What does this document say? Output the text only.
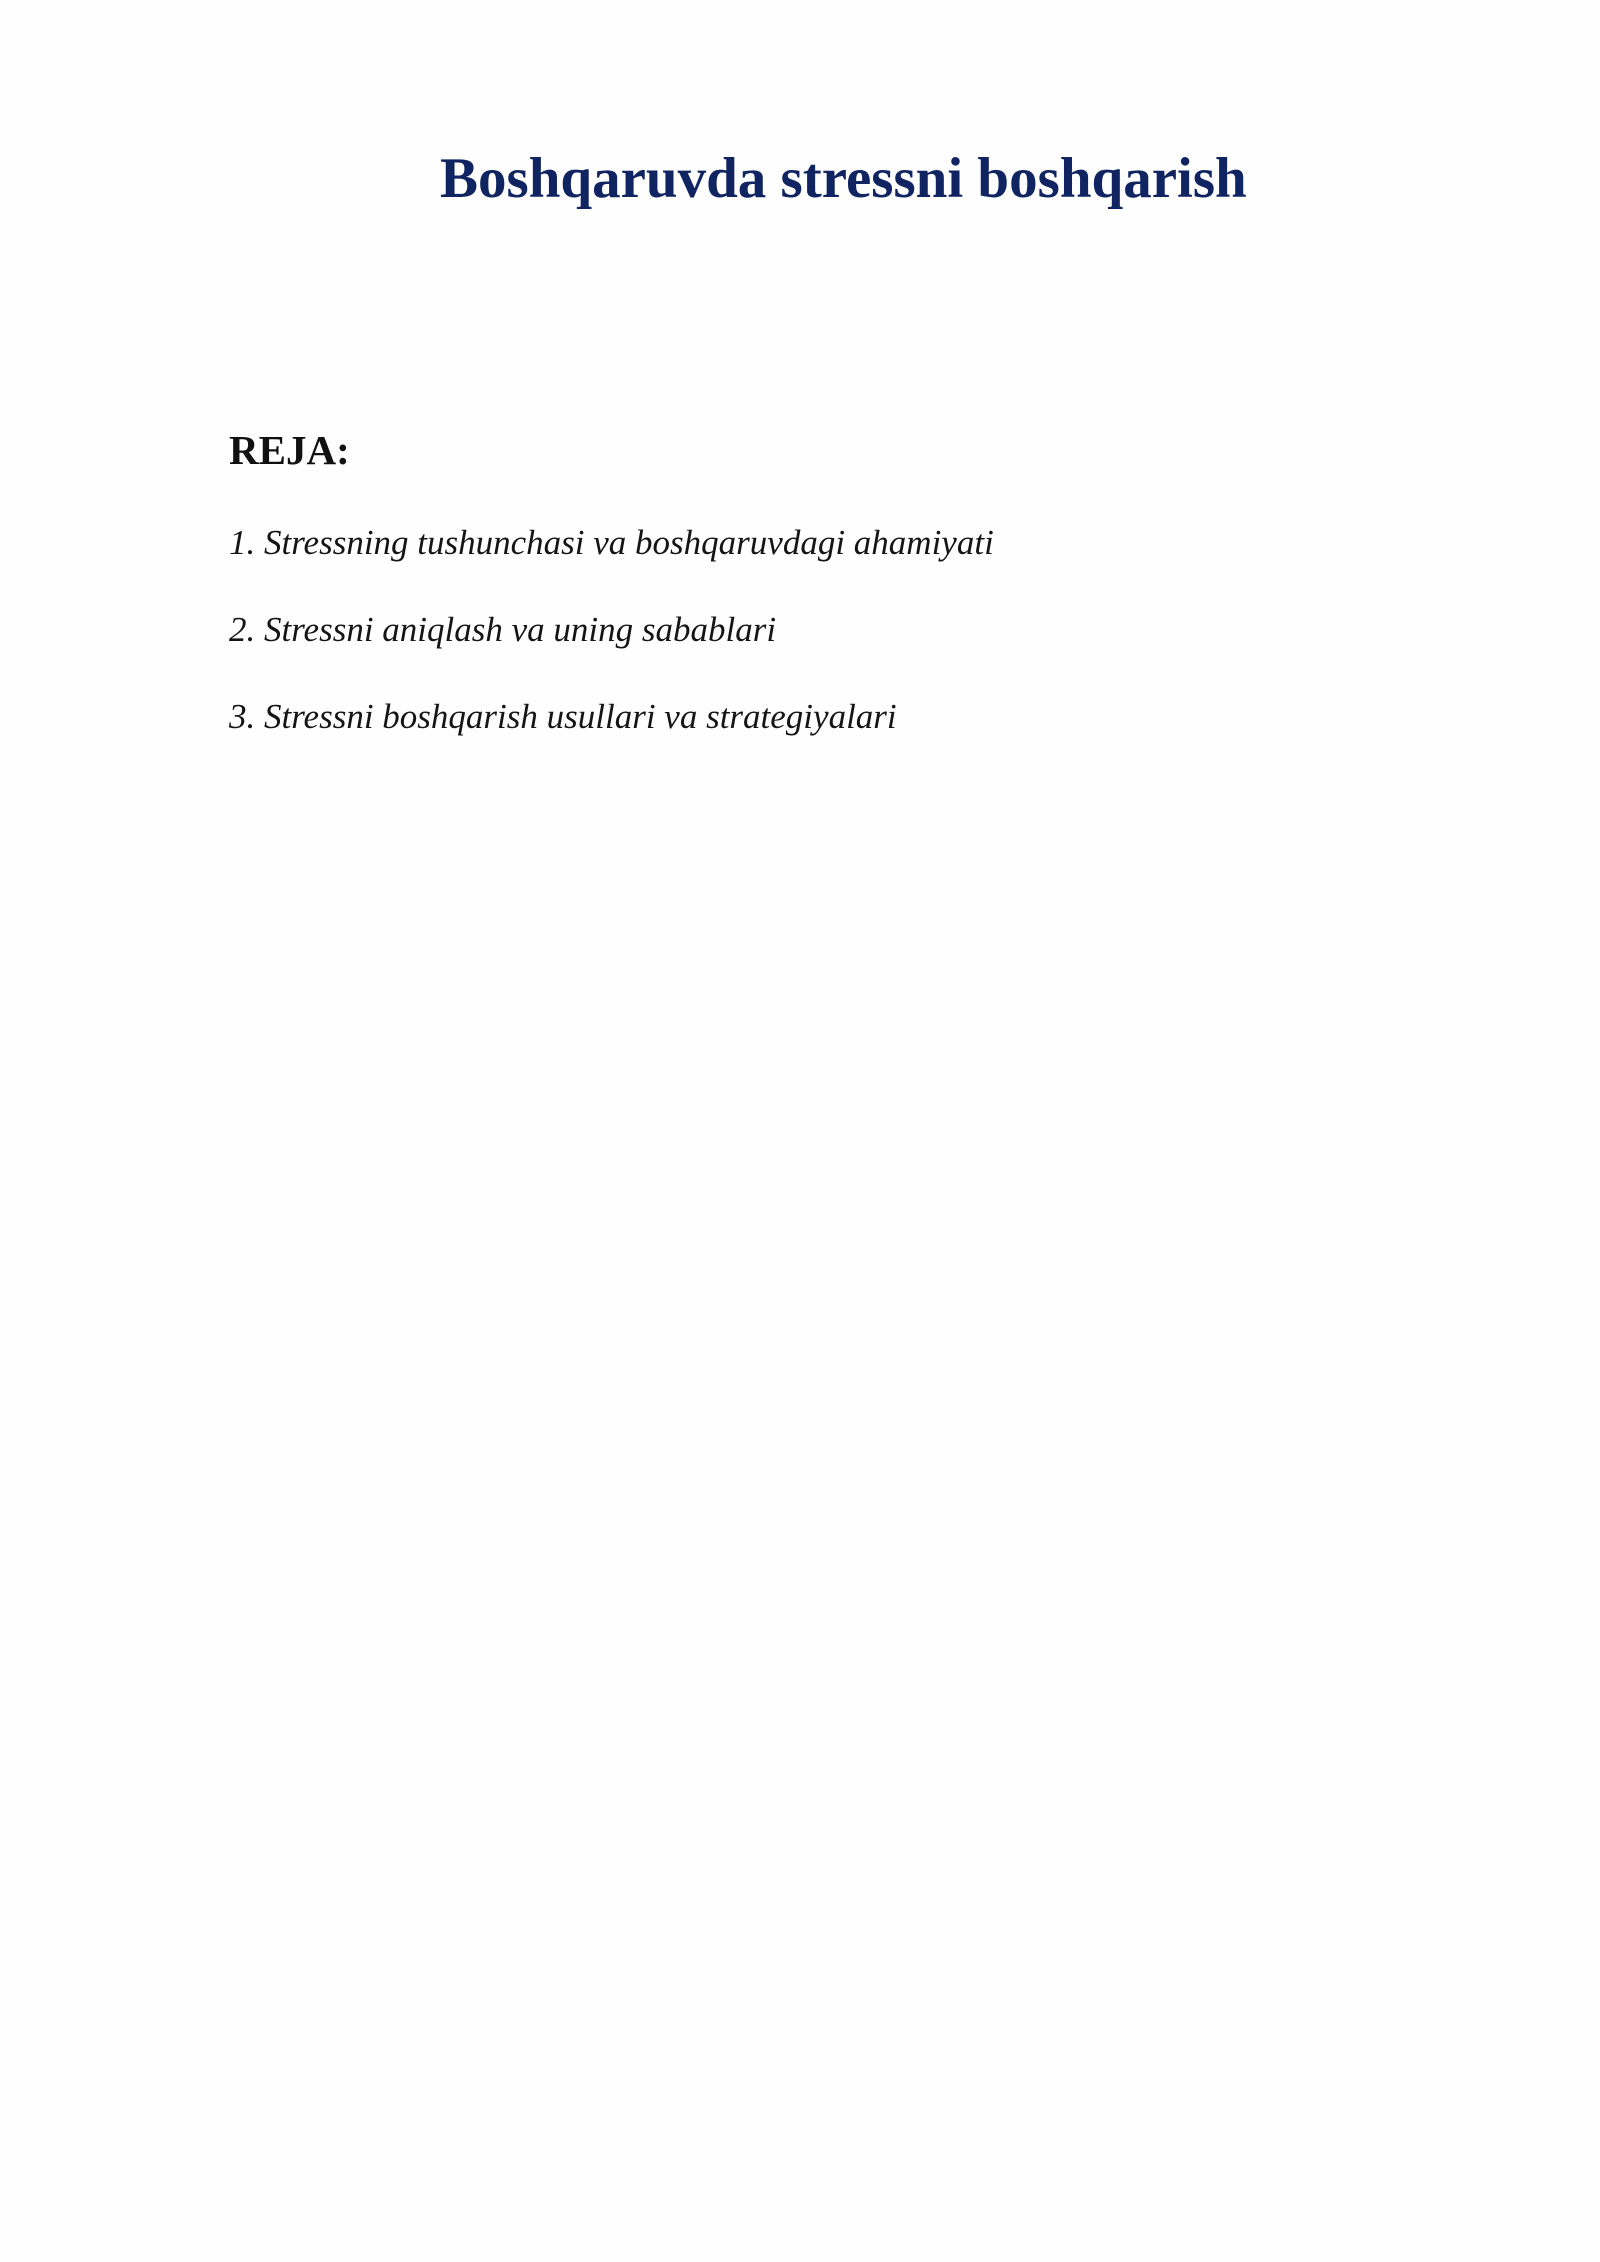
Boshqaruvda stressni boshqarish
REJA:
1. Stressning tushunchasi va boshqaruvdagi ahamiyati
2. Stressni aniqlash va uning sabablari
3. Stressni boshqarish usullari va strategiyalari
